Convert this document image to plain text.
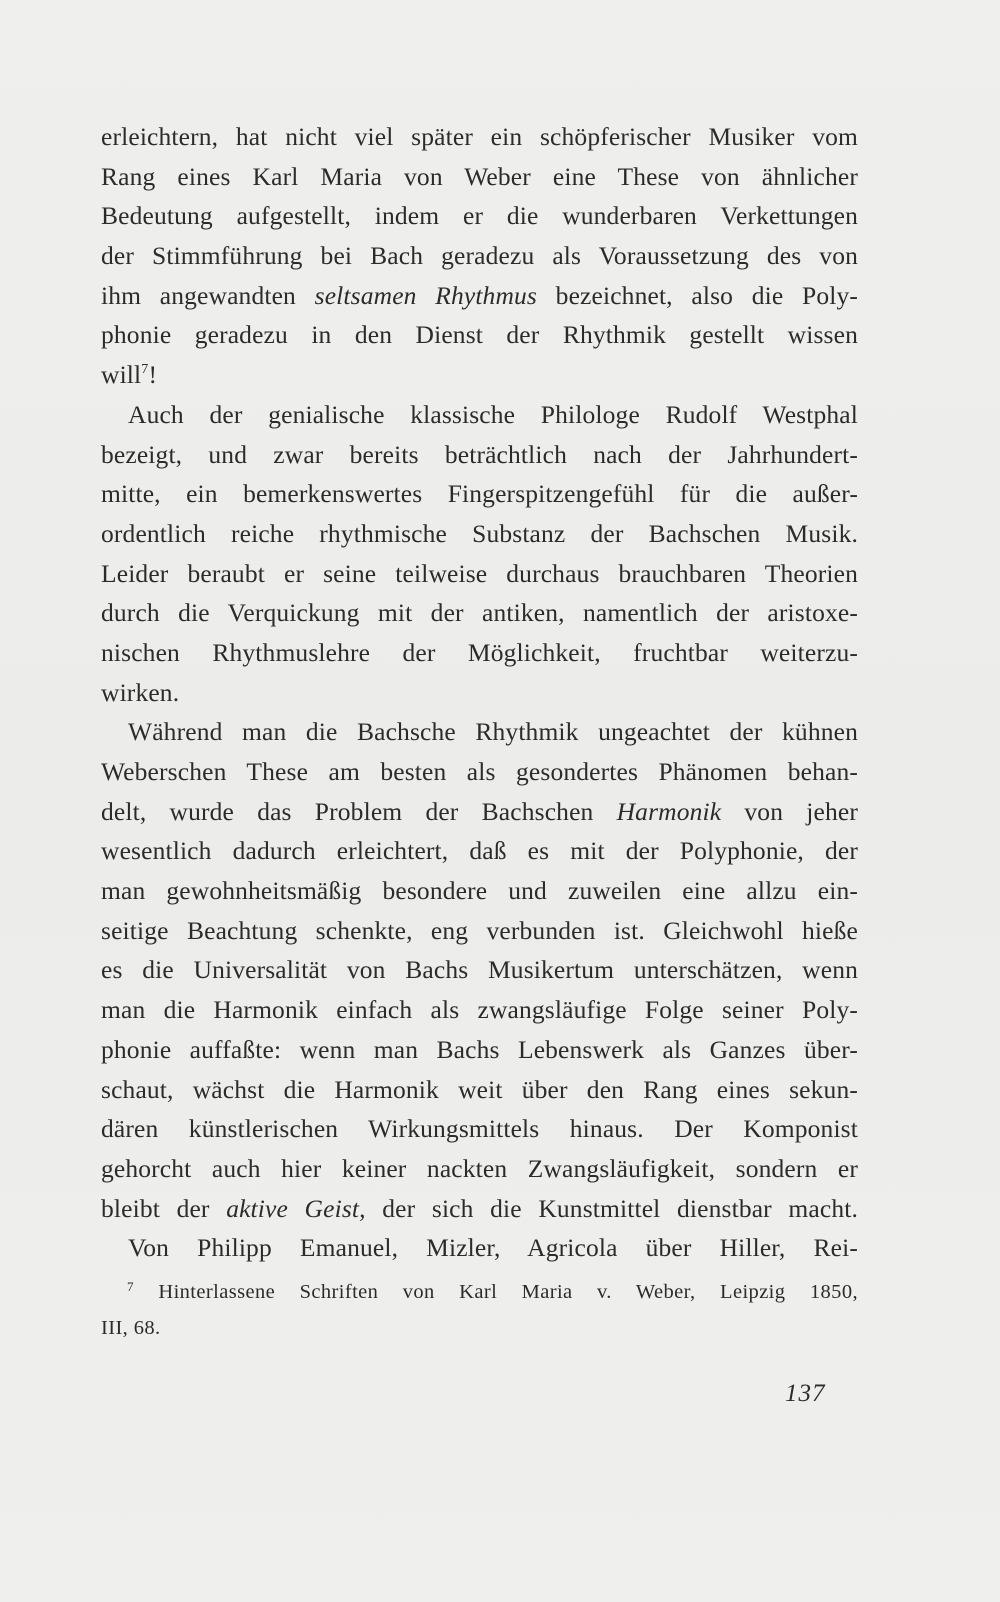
erleichtern, hat nicht viel später ein schöpferischer Musiker vom
Rang eines Karl Maria von Weber eine These von ähnlicher
Bedeutung aufgestellt, indem er die wunderbaren Verkettungen
der Stimmführung bei Bach geradezu als Voraussetzung des von
ihm angewandten seltsamen Rhythmus bezeichnet, also die Poly-
phonie geradezu in den Dienst der Rhythmik gestellt wissen
will$^7$!
Auch der genialische klassische Philologe Rudolf Westphal
bezeigt, und zwar bereits beträchtlich nach der Jahrhundert-
mitte, ein bemerkenswertes Fingerspitzengefühl für die außer-
ordentlich reiche rhythmische Substanz der Bachschen Musik.
Leider beraubt er seine teilweise durchaus brauchbaren Theorien
durch die Verquickung mit der antiken, namentlich der aristoxe-
nischen Rhythmuslehre der Möglichkeit, fruchtbar weiterzu-
wirken.
Während man die Bachsche Rhythmik ungeachtet der kühnen
Weberschen These am besten als gesondertes Phänomen behan-
delt, wurde das Problem der Bachschen Harmonik von jeher
wesentlich dadurch erleichtert, daß es mit der Polyphonie, der
man gewohnheitsmäßig besondere und zuweilen eine allzu ein-
seitige Beachtung schenkte, eng verbunden ist. Gleichwohl hieße
es die Universalität von Bachs Musikertum unterschätzen, wenn
man die Harmonik einfach als zwangsläufige Folge seiner Poly-
phonie auffaßte: wenn man Bachs Lebenswerk als Ganzes über-
schaut, wächst die Harmonik weit über den Rang eines sekun-
dären künstlerischen Wirkungsmittels hinaus. Der Komponist
gehorcht auch hier keiner nackten Zwangsläufigkeit, sondern er
bleibt der aktive Geist, der sich die Kunstmittel dienstbar macht.
Von Philipp Emanuel, Mizler, Agricola über Hiller, Rei-
$^7$ Hinterlassene Schriften von Karl Maria v. Weber, Leipzig 1850,
III, 68.
137
